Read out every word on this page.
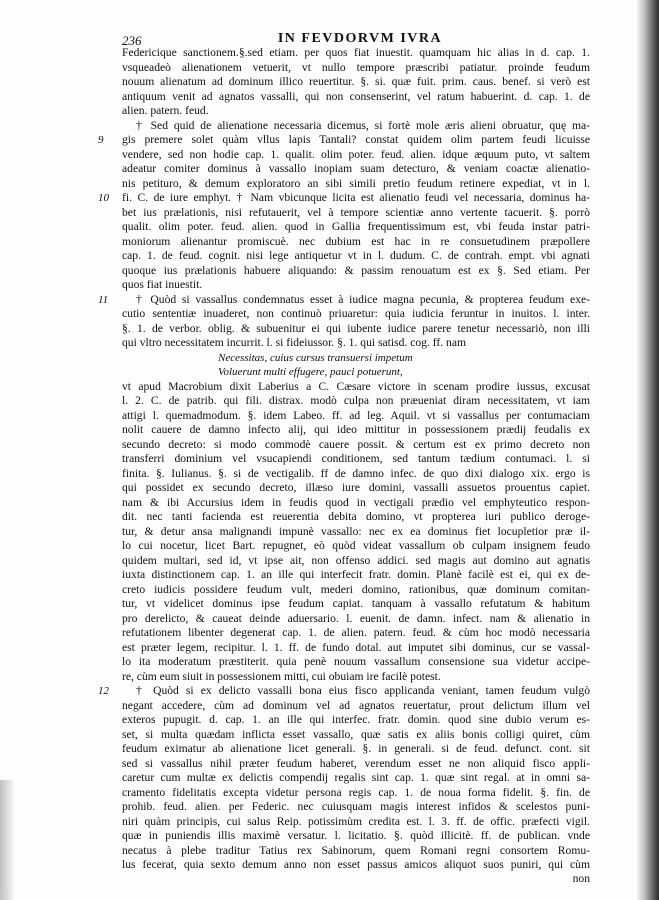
236	IN FEVDORVM IVRA
Federicique sanctionem.§.sed etiam. per quos fiat inuestit. quamquam hic alias in d. cap. 1.
vsqueadeò alienationem vetuerit, vt nullo tempore præscribi patiatur. proinde feudum
nouum alienatum ad dominum illico reuertitur. §. si. quæ fuit. prim. caus. benef. si verò est
antiquum venit ad agnatos vassalli, qui non consenserint, vel ratum habuerint. d. cap. 1. de
alien. patern. feud.
† Sed quid de alienatione necessaria dicemus, si fortè mole æris alieni obruatur, quę ma-
gis premere solet quàm vllus lapis Tantali? constat quidem olim partem feudi licuisse
9
vendere, sed non hodie cap. 1. qualit. olim poter. feud. alien. idque æquum puto, vt saltem
adeatur comiter dominus à vassallo inopiam suam detecturo, & veniam coactæ alienatio-
nis petituro, & demum exploratoro an sibi simili pretio feudum retinere expediat, vt in l.
fi. C. de iure emphyt. † Nam vbicunque licita est alienatio feudi vel necessaria, dominus ha-
10
bet ius prælationis, nisi refutauerit, vel à tempore scientiæ anno vertente tacuerit. §. porrò
qualit. olim poter. feud. alien. quod in Gallia frequentissimum est, vbi feuda instar patri-
moniorum alienantur promiscuè. nec dubium est hac in re consuetudinem præpollere
cap. 1. de feud. cognit. nisi lege antiquetur vt in l. dudum. C. de contrah. empt. vbi agnati
quoque ius prælationis habuere aliquando: & passim renouatum est ex §. Sed etiam. Per
quos fiat inuestit.
† Quòd si vassallus condemnatus esset à iudice magna pecunia, & propterea feudum exe-
11
cutio sententiæ inuaderet, non continuò priuaretur: quia iudicia feruntur in inuitos. l. inter.
§. 1. de verbor. oblig. & subuenitur ei qui iubente iudice parere tenetur necessariò, non illi
qui vltro necessitatem incurrit. l. si fideiussor. §. 1. qui satisd. cog. ff. nam
Necessitas, cuius cursus transuersi impetum
Voluerunt multi effugere, pauci potuerunt,
vt apud Macrobium dixit Laberius a C. Cæsare victore in scenam prodire iussus, excusat
l. 2. C. de patrib. qui fili. distrax. modò culpa non præueniat diram necessitatem, vt iam
attigi l. quemadmodum. §. idem Labeo. ff. ad leg. Aquil. vt si vassallus per contumaciam
nolit cauere de damno infecto alij, qui ideo mittitur in possessionem prædij feudalis ex
secundo decreto: si modo commodè cauere possit. & certum est ex primo decreto non
transferri dominium vel vsucapiendi conditionem, sed tantum tædium contumaci. l. si
finita. §. Iulianus. §. si de vectigalib. ff de damno infec. de quo dixi dialogo xix. ergo is
qui possidet ex secundo decreto, illæso iure domini, vassalli assuetos prouentus capiet.
nam & ibi Accursius idem in feudis quod in vectigali prædio vel emphyteutico respon-
dit. nec tanti facienda est reuerentia debita domino, vt propterea iuri publico deroge-
tur, & detur ansa malignandi impunè vassallo: nec ex ea dominus fiet locupletior præ il-
lo cui nocetur, licet Bart. repugnet, eò quòd videat vassallum ob culpam insignem feudo
quidem multari, sed id, vt ipse ait, non offenso addici. sed magis aut domino aut agnatis
iuxta distinctionem cap. 1. an ille qui interfecit fratr. domin. Planè facilè est ei, qui ex de-
creto iudicis possidere feudum vult, mederi domino, rationibus, quæ dominum comitan-
tur, vt videlicet dominus ipse feudum capiat. tanquam à vassallo refutatum & habitum
pro derelicto, & caueat deinde aduersario. l. euenit. de damn. infect. nam & alienatio in
refutationem libenter degenerat cap. 1. de alien. patern. feud. & cùm hoc modò necessaria
est præter legem, recipitur. l. 1. ff. de fundo dotal. aut imputet sibi dominus, cur se vassal-
lo ita moderatum præstiterit. quia penè nouum vassallum consensione sua videtur accipe-
re, cùm eum siuit in possessionem mitti, cui obuiam ire facilè potest.
† Quòd si ex delicto vassalli bona eius fisco applicanda veniant, tamen feudum vulgò
12
negant accedere, cùm ad dominum vel ad agnatos reuertatur, prout delictum illum vel
exteros pupugit. d. cap. 1. an ille qui interfec. fratr. domin. quod sine dubio verum es-
set, si multa quædam inflicta esset vassallo, quæ satis ex aliis bonis colligi quiret, cùm
feudum eximatur ab alienatione licet generali. §. in generali. si de feud. defunct. cont. sit
sed si vassallus nihil præter feudum haberet, verendum esset ne non aliquid fisco appli-
caretur cum multæ ex delictis compendij regalis sint cap. 1. quæ sint regal. at in omni sa-
cramento fidelitatis excepta videtur persona regis cap. 1. de noua forma fidelit. §. fin. de
prohib. feud. alien. per Federic. nec cuiusquam magis interest infidos & scelestos puni-
niri quàm principis, cui salus Reip. potissimùm credita est. l. 3. ff. de offic. præfecti vigil.
quæ in puniendis illis maximè versatur. l. licitatio. §. quòd illicitè. ff. de publican. vnde
necatus à plebe traditur Tatius rex Sabinorum, quem Romani regni consortem Romu-
lus fecerat, quia sexto demum anno non esset passus amicos aliquot suos puniri, qui cùm
non
